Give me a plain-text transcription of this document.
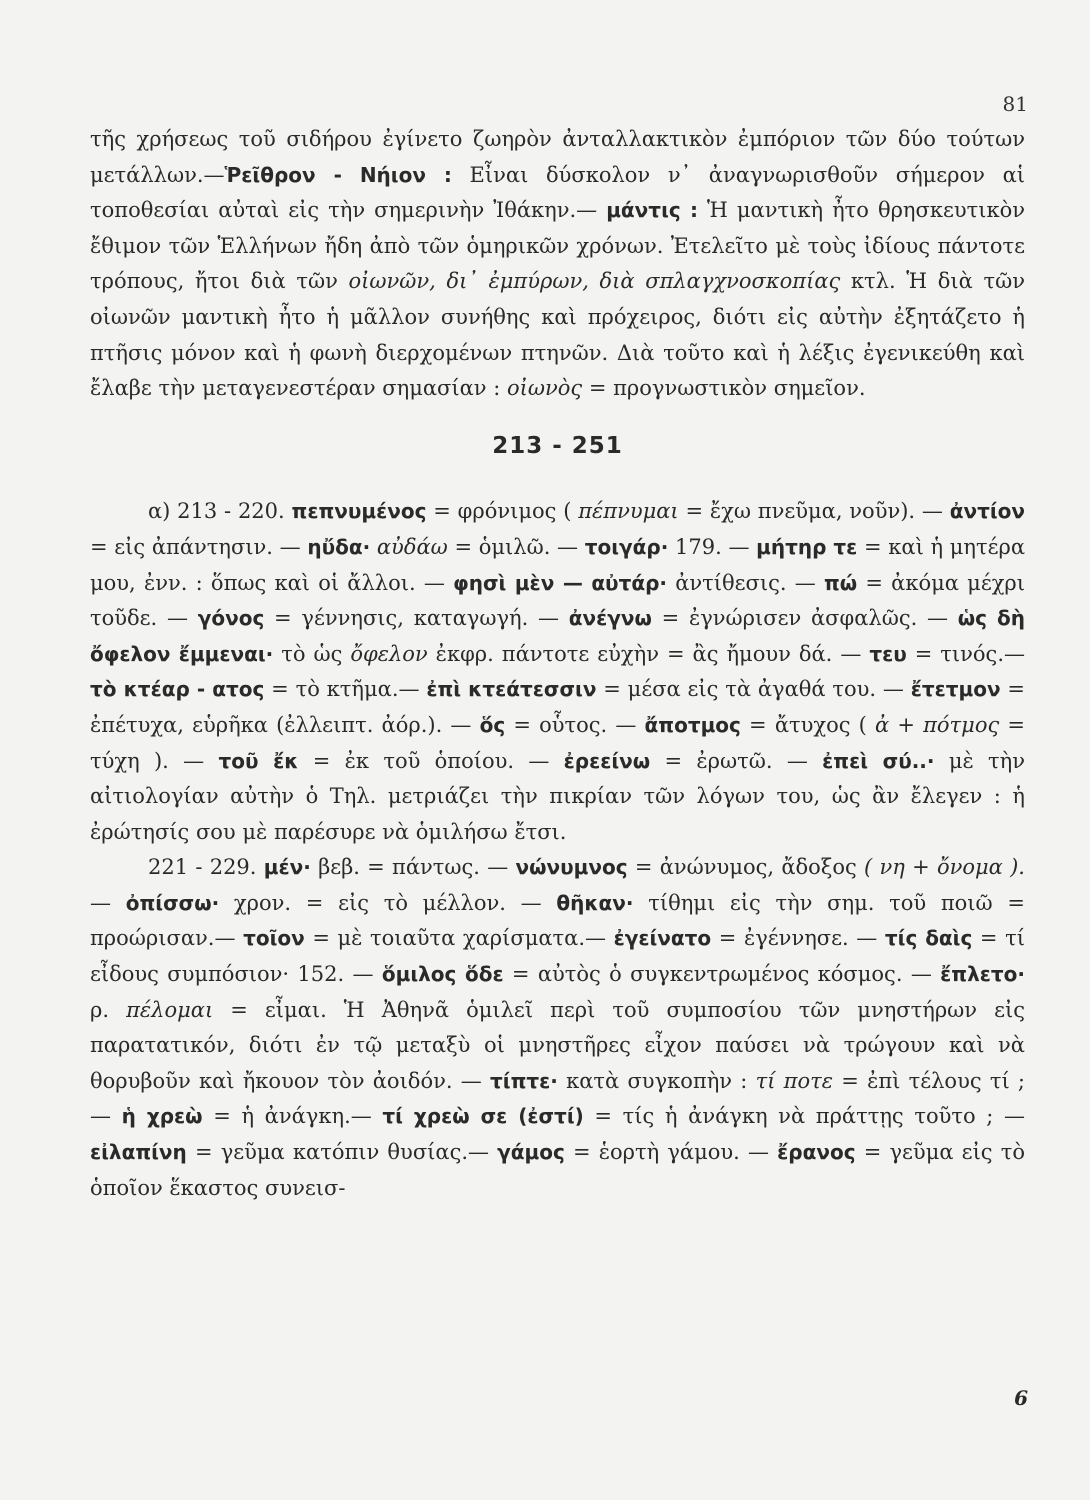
81

τῆς χρήσεως τοῦ σιδήρου ἐγίνετο ζωηρὸν ἀνταλλακτικὸν ἐμπόριον τῶν δύο τούτων μετάλλων.—Ῥεῖθρον - Νήιον : Εἶναι δύσκολον ν᾽ ἀναγνωρισθοῦν σήμερον αἱ τοποθεσίαι αὐταὶ εἰς τὴν σημερινὴν Ἰθάκην.— μάντις : Ἡ μαντικὴ ἦτο θρησκευτικὸν ἔθιμον τῶν Ἑλλήνων ἤδη ἀπὸ τῶν ὁμηρικῶν χρόνων. Ἐτελεῖτο μὲ τοὺς ἰδίους πάντοτε τρόπους, ἤτοι διὰ τῶν οἰωνῶν, δι᾽ ἐμπύρων, διὰ σπλαγχνοσκοπίας κτλ. Ἡ διὰ τῶν οἰωνῶν μαντικὴ ἦτο ἡ μᾶλλον συνήθης καὶ πρόχειρος, διότι εἰς αὐτὴν ἐξητάζετο ἡ πτῆσις μόνον καὶ ἡ φωνὴ διερχομένων πτηνῶν. Διὰ τοῦτο καὶ ἡ λέξις ἐγενικεύθη καὶ ἔλαβε τὴν μεταγενεστέραν σημασίαν : οἰωνὸς = προγνωστικὸν σημεῖον.

213 - 251

α) 213 - 220. πεπνυμένος = φρόνιμος ( πέπνυμαι = ἔχω πνεῦμα, νοῦν). — ἀντίον = εἰς ἀπάντησιν. — ηὔδα· αὐδάω = ὁμιλῶ. — τοιγάρ· 179. — μήτηρ τε = καὶ ἡ μητέρα μου, ἐνν. : ὅπως καὶ οἱ ἄλλοι. — φησὶ μὲν — αὐτάρ· ἀντίθεσις. — πώ = ἀκόμα μέχρι τοῦδε. — γόνος = γέννησις, καταγωγή. — ἀνέγνω = ἐγνώρισεν ἀσφαλῶς. — ὡς δὴ ὄφελον ἔμμεναι· τὸ ὡς ὄφελον ἐκφρ. πάντοτε εὐχὴν = ἂς ἤμουν δά. — τευ = τινός.— τὸ κτέαρ - ατος = τὸ κτῆμα.— ἐπὶ κτεάτεσσιν = μέσα εἰς τὰ ἀγαθά του. — ἔτετμον = ἐπέτυχα, εὑρῆκα (ἐλλειπτ. ἀόρ.). — ὅς = οὗτος. — ἄποτμος = ἄτυχος ( ἀ + πότμος = τύχη ). — τοῦ ἔκ = ἐκ τοῦ ὁποίου. — ἐρεείνω = ἐρωτῶ. — ἐπεὶ σύ..· μὲ τὴν αἰτιολογίαν αὐτὴν ὁ Τηλ. μετριάζει τὴν πικρίαν τῶν λόγων του, ὡς ἂν ἔλεγεν : ἡ ἐρώτησίς σου μὲ παρέσυρε νὰ ὁμιλήσω ἔτσι.

221 - 229. μέν· βεβ. = πάντως. — νώνυμνος = ἀνώνυμος, ἄδοξος ( νη + ὄνομα ). — ὀπίσσω· χρον. = εἰς τὸ μέλλον. — θῆκαν· τίθημι εἰς τὴν σημ. τοῦ ποιῶ = προώρισαν.— τοῖον = μὲ τοιαῦτα χαρίσματα.— ἐγείνατο = ἐγέννησε. — τίς δαὶς = τί εἶδους συμπόσιον· 152. — ὅμιλος ὅδε = αὐτὸς ὁ συγκεντρωμένος κόσμος. — ἔπλετο· ρ. πέλομαι = εἶμαι. Ἡ Ἀθηνᾶ ὁμιλεῖ περὶ τοῦ συμποσίου τῶν μνηστήρων εἰς παρατατικόν, διότι ἐν τῷ μεταξὺ οἱ μνηστῆρες εἶχον παύσει νὰ τρώγουν καὶ νὰ θορυβοῦν καὶ ἤκουον τὸν ἀοιδόν. — τίπτε· κατὰ συγκοπὴν : τί ποτε = ἐπὶ τέλους τί ; — ἡ χρεὼ = ἡ ἀνάγκη.— τί χρεὼ σε (ἐστί) = τίς ἡ ἀνάγκη νὰ πράττῃς τοῦτο ; — εἰλαπίνη = γεῦμα κατόπιν θυσίας.— γάμος = ἑορτὴ γάμου. — ἔρανος = γεῦμα εἰς τὸ ὁποῖον ἕκαστος συνεισ-

6
